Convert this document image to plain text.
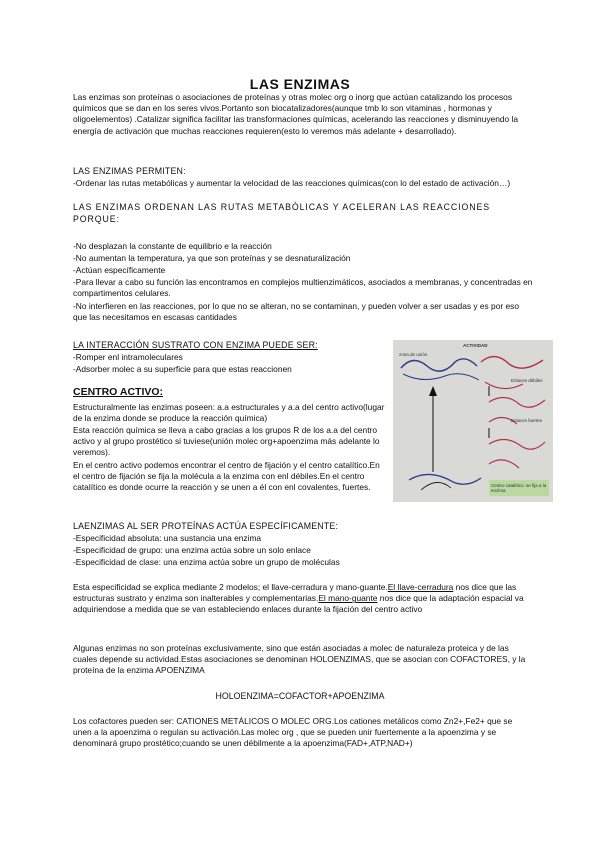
LAS ENZIMAS

Las enzimas son proteínas o asociaciones de proteínas y otras molec org o inorg que actúan catalizando los procesos químicos que se dan en los seres vivos.Portanto son biocatalizadores(aunque tmb lo son vitaminas , hormonas y oligoelementos) .Catalizar significa facilitar las transformaciones químicas, acelerando las reacciones y disminuyendo la energía de activación que muchas reacciones requieren(esto lo veremos más adelante + desarrollado).

LAS ENZIMAS PERMITEN:

-Ordenar las rutas metabólicas y aumentar la velocidad de las reacciones químicas(con lo del estado de activación…)

LAS ENZIMAS ORDENAN LAS RUTAS METABÓLICAS Y ACELERAN LAS REACCIONES PORQUE:

-No desplazan la constante de equilibrio e la reacción

-No aumentan la temperatura, ya que son proteínas y se desnaturalización

-Actúan específicamente

-Para llevar a cabo su función las encontramos en complejos multienzimáticos, asociados a membranas, y concentradas en compartimentos celulares.

-No interfieren en las reacciones, por lo que no se alteran, no se contaminan, y pueden volver a ser usadas y es por eso que las necesitamos en escasas cantidades

LA INTERACCIÓN SUSTRATO CON ENZIMA PUEDE SER:

-Romper enl intramoleculares

-Adsorber molec a su superficie para que estas reaccionen

CENTRO ACTIVO:

Estructuralmente las enzimas poseen: a.a estructurales y a.a del centro activo(lugar de la enzima donde se produce la reacción química)

Esta reacción química se lleva a cabo gracias a los grupos R de los a.a del centro activo y al grupo prostético si tuviese(unión molec org+apoenzima más adelante lo veremos).

En el centro activo podemos encontrar el centro de fijación y el centro catalítico.En el centro de fijación se fija la molécula a la enzima con enl débiles.En el centro catalítico es donde ocurre la reacción y se unen a él con enl covalentes, fuertes.

ACTIVIDAD
zona de unión
Enlaces débiles
Enlaces fuertes
Centro catalítico: se fija a la enzima
LAENZIMAS AL SER PROTEÍNAS ACTÚA ESPECÍFICAMENTE:

-Especificidad absoluta: una sustancia una enzima

-Especificidad de grupo: una enzima actúa sobre un solo enlace

-Especificidad de clase: una enzima actúa sobre un grupo de moléculas

Esta especificidad se explica mediante 2 modelos; el llave-cerradura y mano-guante.El llave-cerradura nos dice que las estructuras sustrato y enzima son inalterables y complementarias.El mano-guante nos dice que la adaptación espacial va adquiriendose a medida que se van estableciendo enlaces durante la fijación del centro activo

Algunas enzimas no son proteínas exclusivamente, sino que están asociadas a molec de naturaleza proteica y de las cuales depende su actividad.Estas asociaciones se denominan HOLOENZIMAS, que se asocian con COFACTORES, y la proteína de la enzima APOENZIMA

HOLOENZIMA=COFACTOR+APOENZIMA

Los cofactores pueden ser: CATIONES METÁLICOS O MOLEC ORG.Los cationes metálicos como Zn2+,Fe2+ que se unen a la apoenzima o regulan su activación.Las molec org , que se pueden unir fuertemente a la apoenzima y se denominará grupo prostético;cuando se unen débilmente a la apoenzima(FAD+,ATP,NAD+)
